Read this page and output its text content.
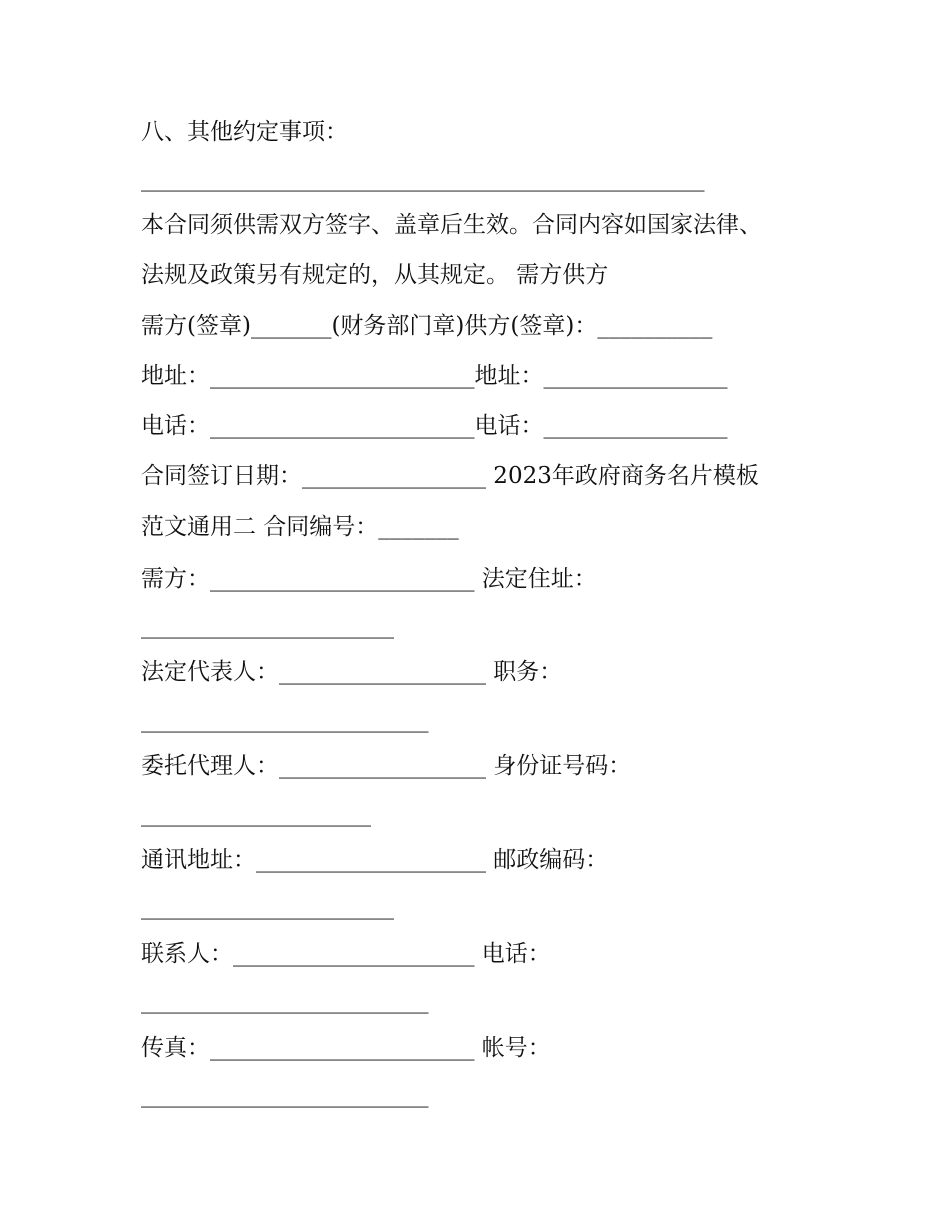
八、其他约定事项：
_________________________________________________
本合同须供需双方签字、盖章后生效。合同内容如国家法律、
法规及政策另有规定的，从其规定。 需方供方
需方(签章)_______(财务部门章)供方(签章)：__________
地址：_______________________地址：________________
电话：_______________________电话：________________
合同签订日期：________________ 2023年政府商务名片模板
范文通用二 合同编号：_______
需方：_______________________ 法定住址：
______________________
法定代表人：__________________ 职务：
_________________________
委托代理人：__________________ 身份证号码：
____________________
通讯地址：____________________ 邮政编码：
______________________
联系人：_____________________ 电话：
_________________________
传真：_______________________ 帐号：
_________________________
